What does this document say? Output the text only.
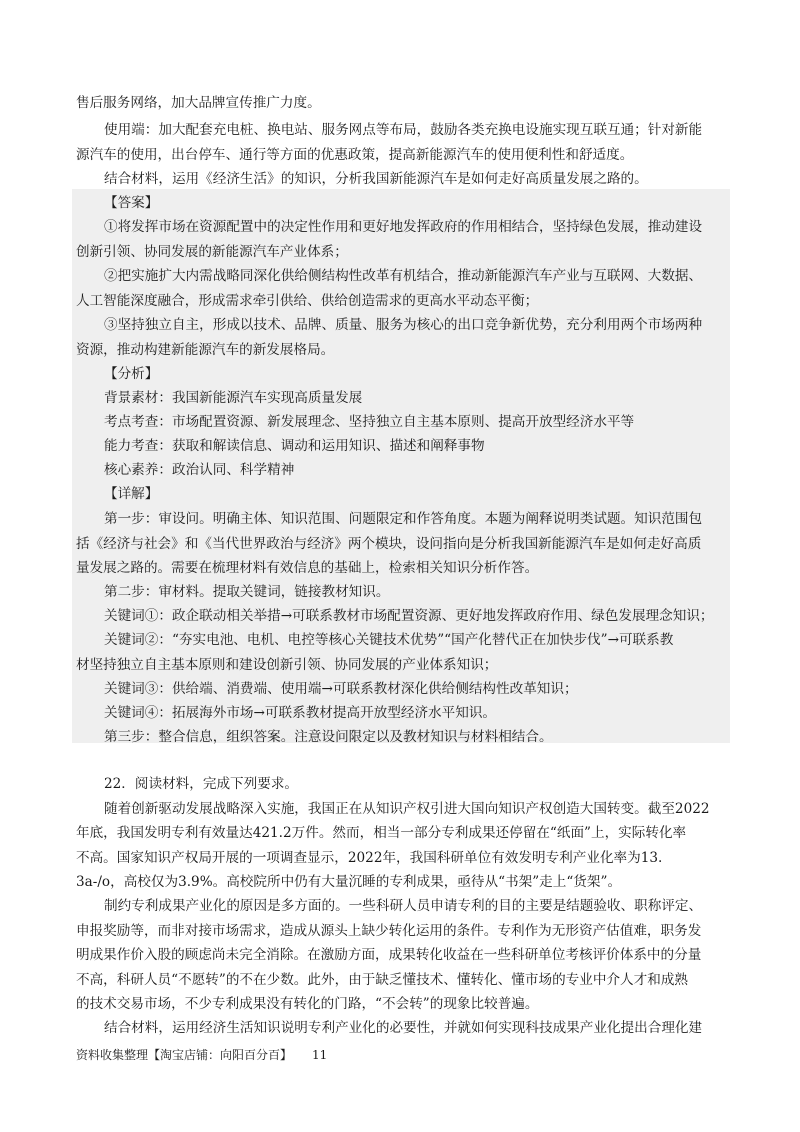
售后服务网络，加大品牌宣传推广力度。
使用端：加大配套充电桩、换电站、服务网点等布局，鼓励各类充换电设施实现互联互通；针对新能
源汽车的使用，出台停车、通行等方面的优惠政策，提高新能源汽车的使用便利性和舒适度。
结合材料，运用《经济生活》的知识，分析我国新能源汽车是如何走好高质量发展之路的。
【答案】
①将发挥市场在资源配置中的决定性作用和更好地发挥政府的作用相结合，坚持绿色发展，推动建设
创新引领、协同发展的新能源汽车产业体系；
②把实施扩大内需战略同深化供给侧结构性改革有机结合，推动新能源汽车产业与互联网、大数据、
人工智能深度融合，形成需求牵引供给、供给创造需求的更高水平动态平衡；
③坚持独立自主，形成以技术、品牌、质量、服务为核心的出口竞争新优势，充分利用两个市场两种
资源，推动构建新能源汽车的新发展格局。
【分析】
背景素材：我国新能源汽车实现高质量发展
考点考查：市场配置资源、新发展理念、坚持独立自主基本原则、提高开放型经济水平等
能力考查：获取和解读信息、调动和运用知识、描述和阐释事物
核心素养：政治认同、科学精神
【详解】
第一步：审设问。明确主体、知识范围、问题限定和作答角度。本题为阐释说明类试题。知识范围包
括《经济与社会》和《当代世界政治与经济》两个模块，设问指向是分析我国新能源汽车是如何走好高质
量发展之路的。需要在梳理材料有效信息的基础上，检索相关知识分析作答。
第二步：审材料。提取关键词，链接教材知识。
关键词①：政企联动相关举措→可联系教材市场配置资源、更好地发挥政府作用、绿色发展理念知识；
关键词②：“夯实电池、电机、电控等核心关键技术优势”“国产化替代正在加快步伐”→可联系教
材坚持独立自主基本原则和建设创新引领、协同发展的产业体系知识；
关键词③：供给端、消费端、使用端→可联系教材深化供给侧结构性改革知识；
关键词④：拓展海外市场→可联系教材提高开放型经济水平知识。
第三步：整合信息，组织答案。注意设问限定以及教材知识与材料相结合。
22．阅读材料，完成下列要求。
随着创新驱动发展战略深入实施，我国正在从知识产权引进大国向知识产权创造大国转变。截至2022
年底，我国发明专利有效量达421.2万件。然而，相当一部分专利成果还停留在“纸面”上，实际转化率
不高。国家知识产权局开展的一项调查显示，2022年，我国科研单位有效发明专利产业化率为13.
3a-/o，高校仅为3.9%。高校院所中仍有大量沉睡的专利成果，亟待从“书架”走上“货架”。
制约专利成果产业化的原因是多方面的。一些科研人员申请专利的目的主要是结题验收、职称评定、
申报奖励等，而非对接市场需求，造成从源头上缺少转化运用的条件。专利作为无形资产估值难，职务发
明成果作价入股的顾虑尚未完全消除。在激励方面，成果转化收益在一些科研单位考核评价体系中的分量
不高，科研人员“不愿转”的不在少数。此外，由于缺乏懂技术、懂转化、懂市场的专业中介人才和成熟
的技术交易市场，不少专利成果没有转化的门路，“不会转”的现象比较普遍。
结合材料，运用经济生活知识说明专利产业化的必要性，并就如何实现科技成果产业化提出合理化建
资料收集整理【淘宝店铺：向阳百分百】 11
